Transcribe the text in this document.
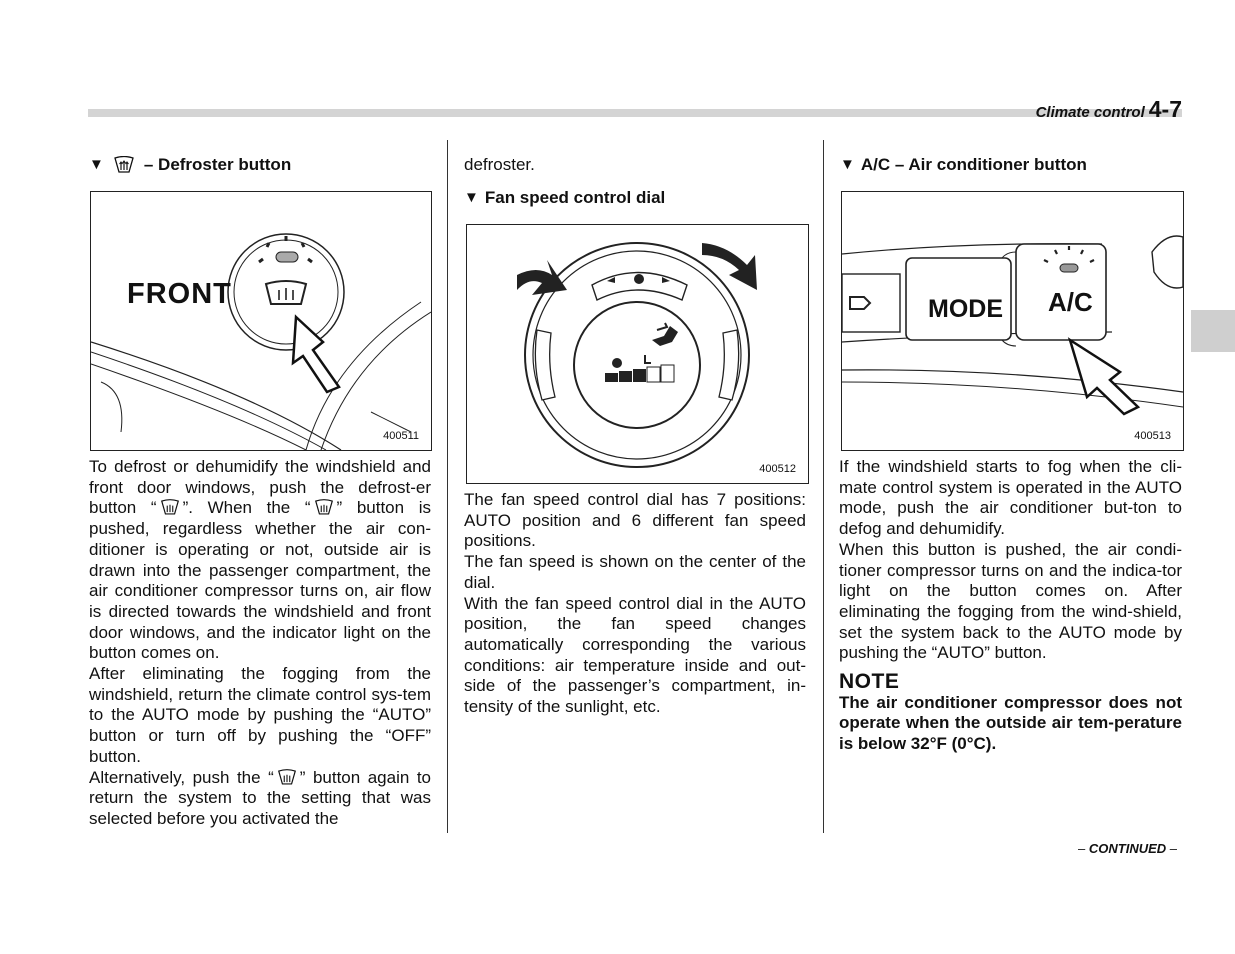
Climate control 4-7
▼ – Defroster button
FRONT
400511

To defrost or dehumidify the windshield and front door windows, push the defrost-er button “ ”. When the “ ” button is pushed, regardless whether the air con-ditioner is operating or not, outside air is drawn into the passenger compartment, the air conditioner compressor turns on, air flow is directed towards the windshield and front door windows, and the indicator light on the button comes on.

After eliminating the fogging from the windshield, return the climate control sys-tem to the AUTO mode by pushing the “AUTO” button or turn off by pushing the “OFF” button.

Alternatively, push the “ ” button again to return the system to the setting that was selected before you activated the

defroster.

▼ Fan speed control dial
400512

The fan speed control dial has 7 positions: AUTO position and 6 different fan speed positions.

The fan speed is shown on the center of the dial.

With the fan speed control dial in the AUTO position, the fan speed changes automatically corresponding the various conditions: air temperature inside and out-side of the passenger’s compartment, in-tensity of the sunlight, etc.

▼ A/C – Air conditioner button
MODE A/C
400513

If the windshield starts to fog when the cli-mate control system is operated in the AUTO mode, push the air conditioner but-ton to defog and dehumidify.

When this button is pushed, the air condi-tioner compressor turns on and the indica-tor light on the button comes on. After eliminating the fogging from the wind-shield, set the system back to the AUTO mode by pushing the “AUTO” button.

NOTE

The air conditioner compressor does not operate when the outside air tem-perature is below 32°F (0°C).

– CONTINUED –
